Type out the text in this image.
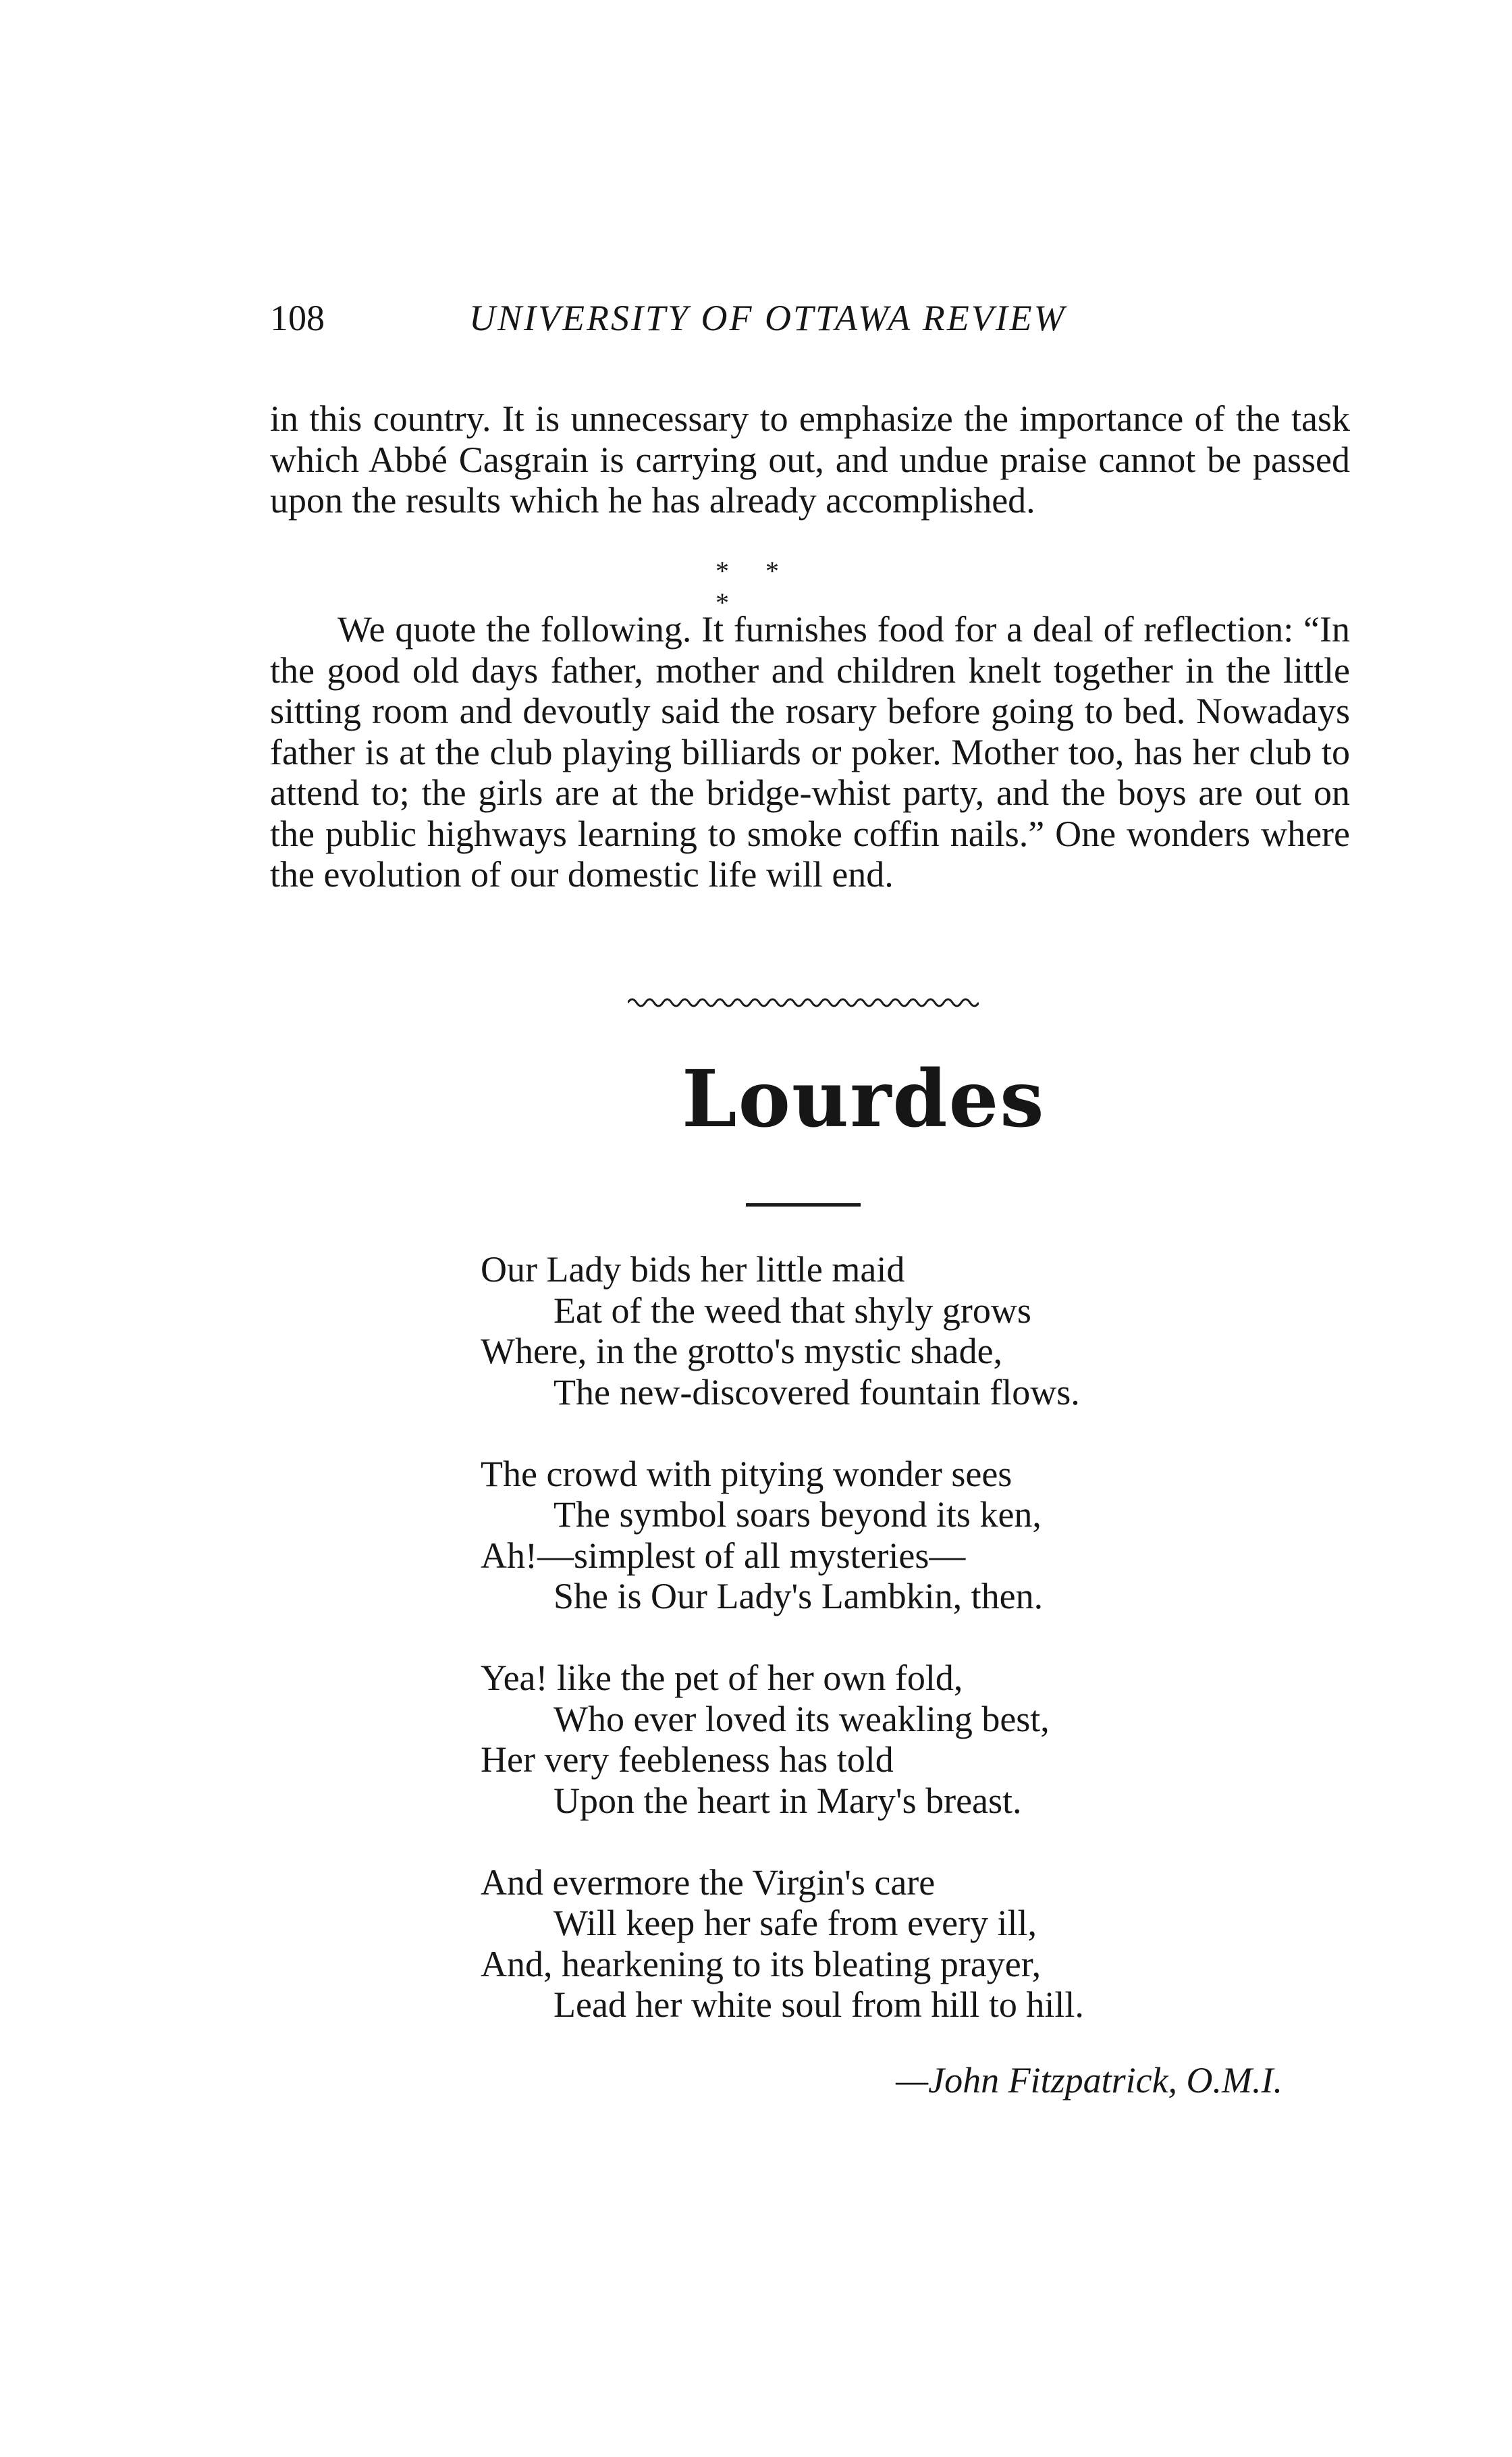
108	UNIVERSITY OF OTTAWA REVIEW
in this country. It is unnecessary to emphasize the importance of the task which Abbé Casgrain is carrying out, and undue praise cannot be passed upon the results which he has already accomplished.
* * *
We quote the following. It furnishes food for a deal of reflection: “In the good old days father, mother and children knelt together in the little sitting room and devoutly said the rosary before going to bed. Nowadays father is at the club playing billiards or poker. Mother too, has her club to attend to; the girls are at the bridge-whist party, and the boys are out on the public highways learning to smoke coffin nails.” One wonders where the evolution of our domestic life will end.
Lourdes
Our Lady bids her little maid
Eat of the weed that shyly grows
Where, in the grotto's mystic shade,
The new-discovered fountain flows.
The crowd with pitying wonder sees
The symbol soars beyond its ken,
Ah!—simplest of all mysteries—
She is Our Lady's Lambkin, then.
Yea! like the pet of her own fold,
Who ever loved its weakling best,
Her very feebleness has told
Upon the heart in Mary's breast.
And evermore the Virgin's care
Will keep her safe from every ill,
And, hearkening to its bleating prayer,
Lead her white soul from hill to hill.
—John Fitzpatrick, O.M.I.
